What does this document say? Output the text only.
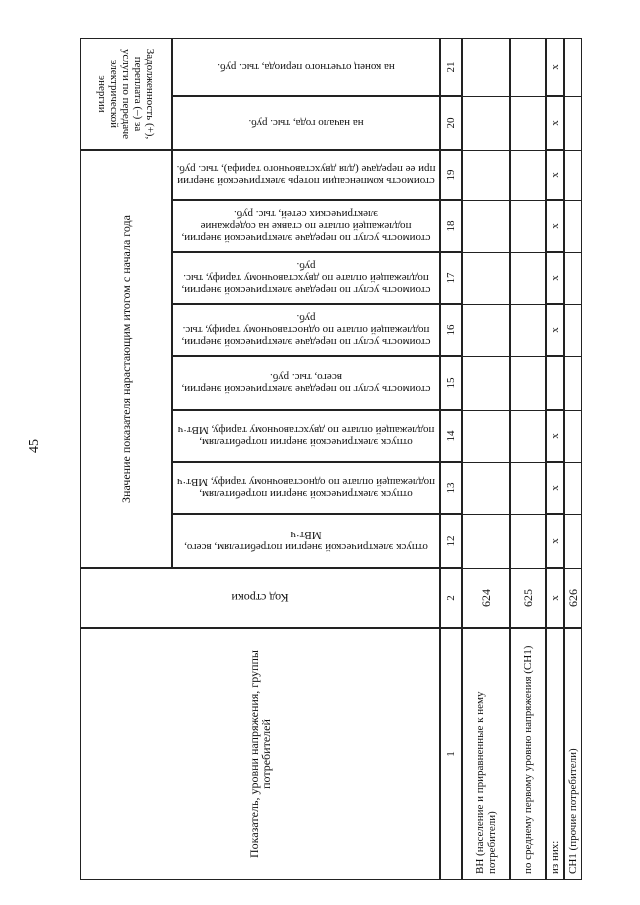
45
Задолженность (+), переплата (–) за услуги по передаче электрической энергии
Значение показателя нарастающим итогом с начала года
на конец отчетного периода, тыс. руб.
на начало года, тыс. руб.
стоимость компенсации потерь электрической энергии при ее передаче (для двухставочного тарифа), тыс. руб.
стоимость услуг по передаче электрической энергии, подлежащей оплате по ставке на содержание электрических сетей, тыс. руб.
стоимость услуг по передаче электрической энергии, подлежащей оплате по двухставочному тарифу, тыс. руб.
стоимость услуг по передаче электрической энергии, подлежащей оплате по одноставочному тарифу, тыс. руб.
стоимость услуг по передаче электрической энергии, всего, тыс. руб.
отпуск электрической энергии потребителям, подлежащей оплате по двухставочному тарифу, МВт·ч
отпуск электрической энергии потребителям, подлежащей оплате по одноставочному тарифу, МВт·ч
отпуск электрической энергии потребителям, всего, МВт·ч
Код строки
Показатель, уровни напряжения, группы потребителей
21
20
19
18
17
16
15
14
13
12
2
1
624
ВН (население и приравненные к нему потребители)
625
по среднему первому уровню напряжения (СН1)
x
x
x
x
x
x
x
x
x
x
из них:
626
СН1 (прочие потребители)
